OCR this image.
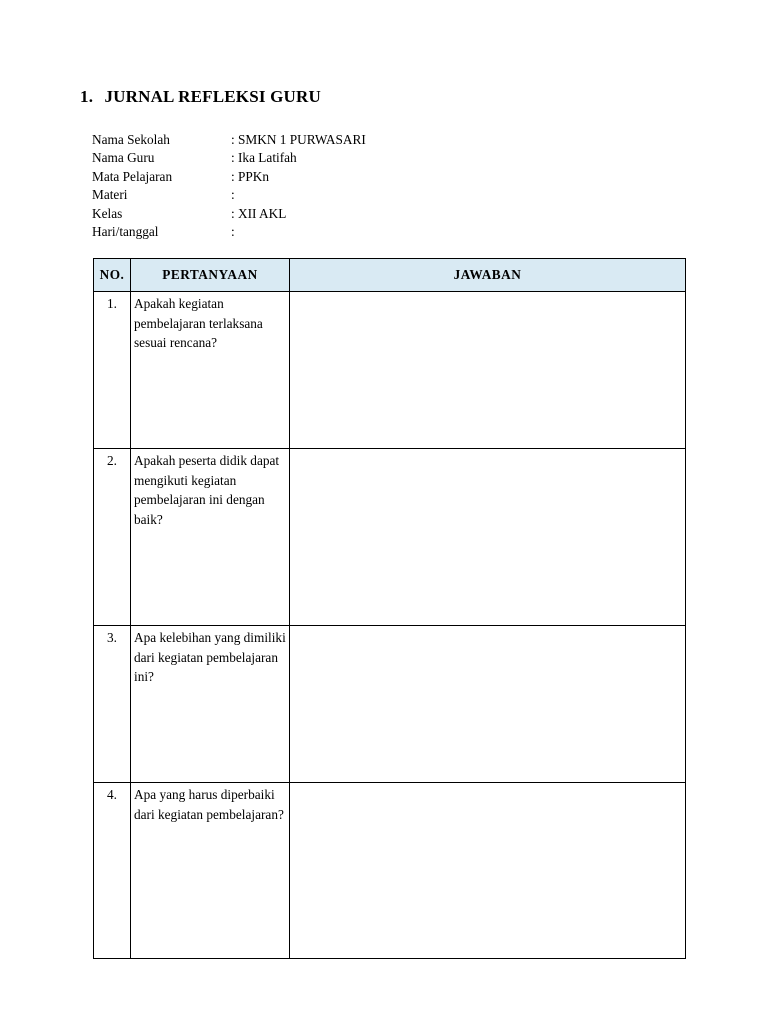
1. JURNAL REFLEKSI GURU
Nama Sekolah	: SMKN 1 PURWASARI
Nama Guru	: Ika Latifah
Mata Pelajaran	: PPKn
Materi	:
Kelas	: XII AKL
Hari/tanggal	:
NO.	PERTANYAAN	JAWABAN
1.	Apakah kegiatan pembelajaran terlaksana sesuai rencana?	
2.	Apakah peserta didik dapat mengikuti kegiatan pembelajaran ini dengan baik?	
3.	Apa kelebihan yang dimiliki dari kegiatan pembelajaran ini?	
4.	Apa yang harus diperbaiki dari kegiatan pembelajaran?	
